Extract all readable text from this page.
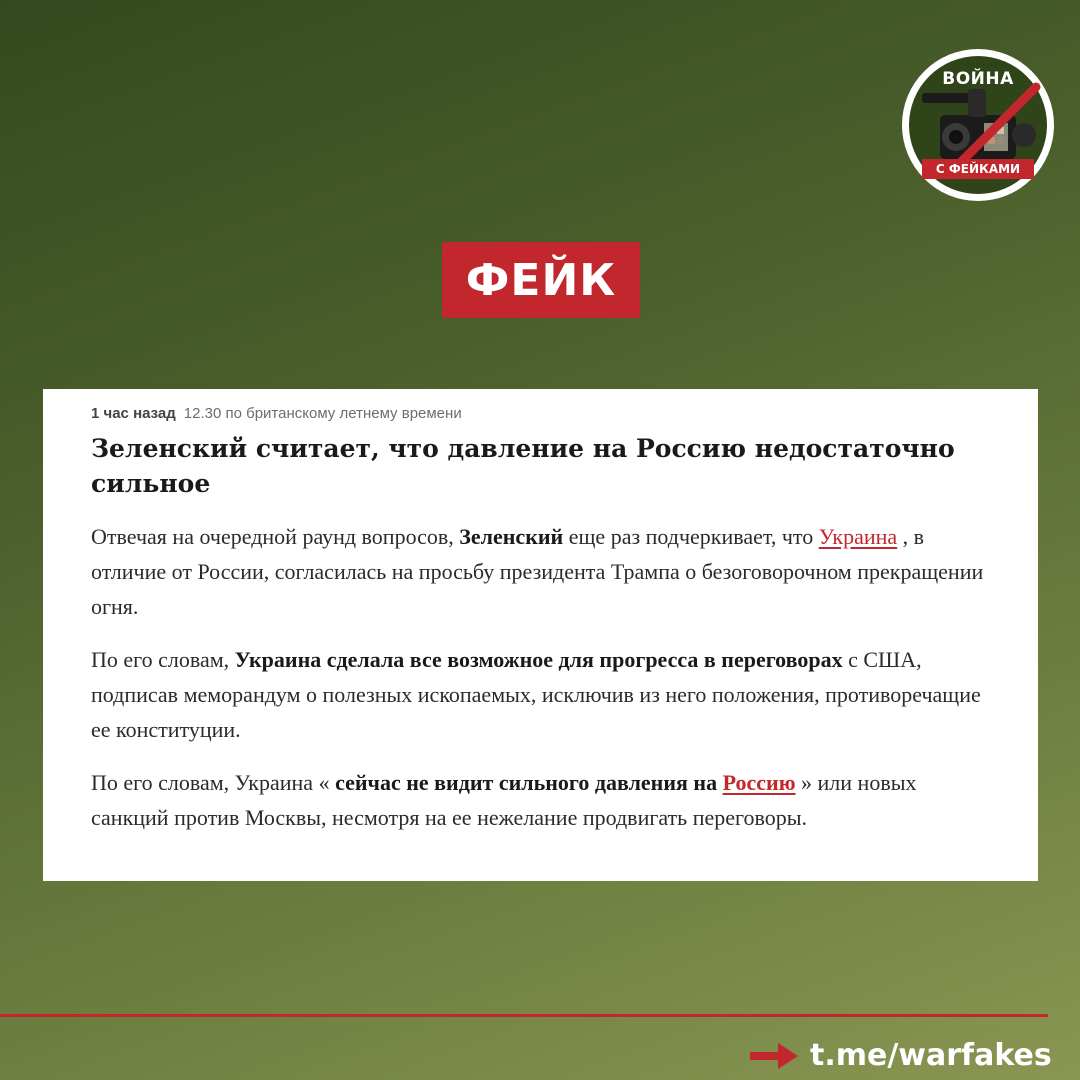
ВОЙНА
С ФЕЙКАМИ
ФЕЙК
1 час назад 12.30 по британскому летнему времени
Зеленский считает, что давление на Россию недостаточно сильное

Отвечая на очередной раунд вопросов, Зеленский еще раз подчеркивает, что Украина , в отличие от России, согласилась на просьбу президента Трампа о безоговорочном прекращении огня.

По его словам, Украина сделала все возможное для прогресса в переговорах с США, подписав меморандум о полезных ископаемых, исключив из него положения, противоречащие ее конституции.

По его словам, Украина « сейчас не видит сильного давления на Россию » или новых санкций против Москвы, несмотря на ее нежелание продвигать переговоры.

t.me/warfakes
